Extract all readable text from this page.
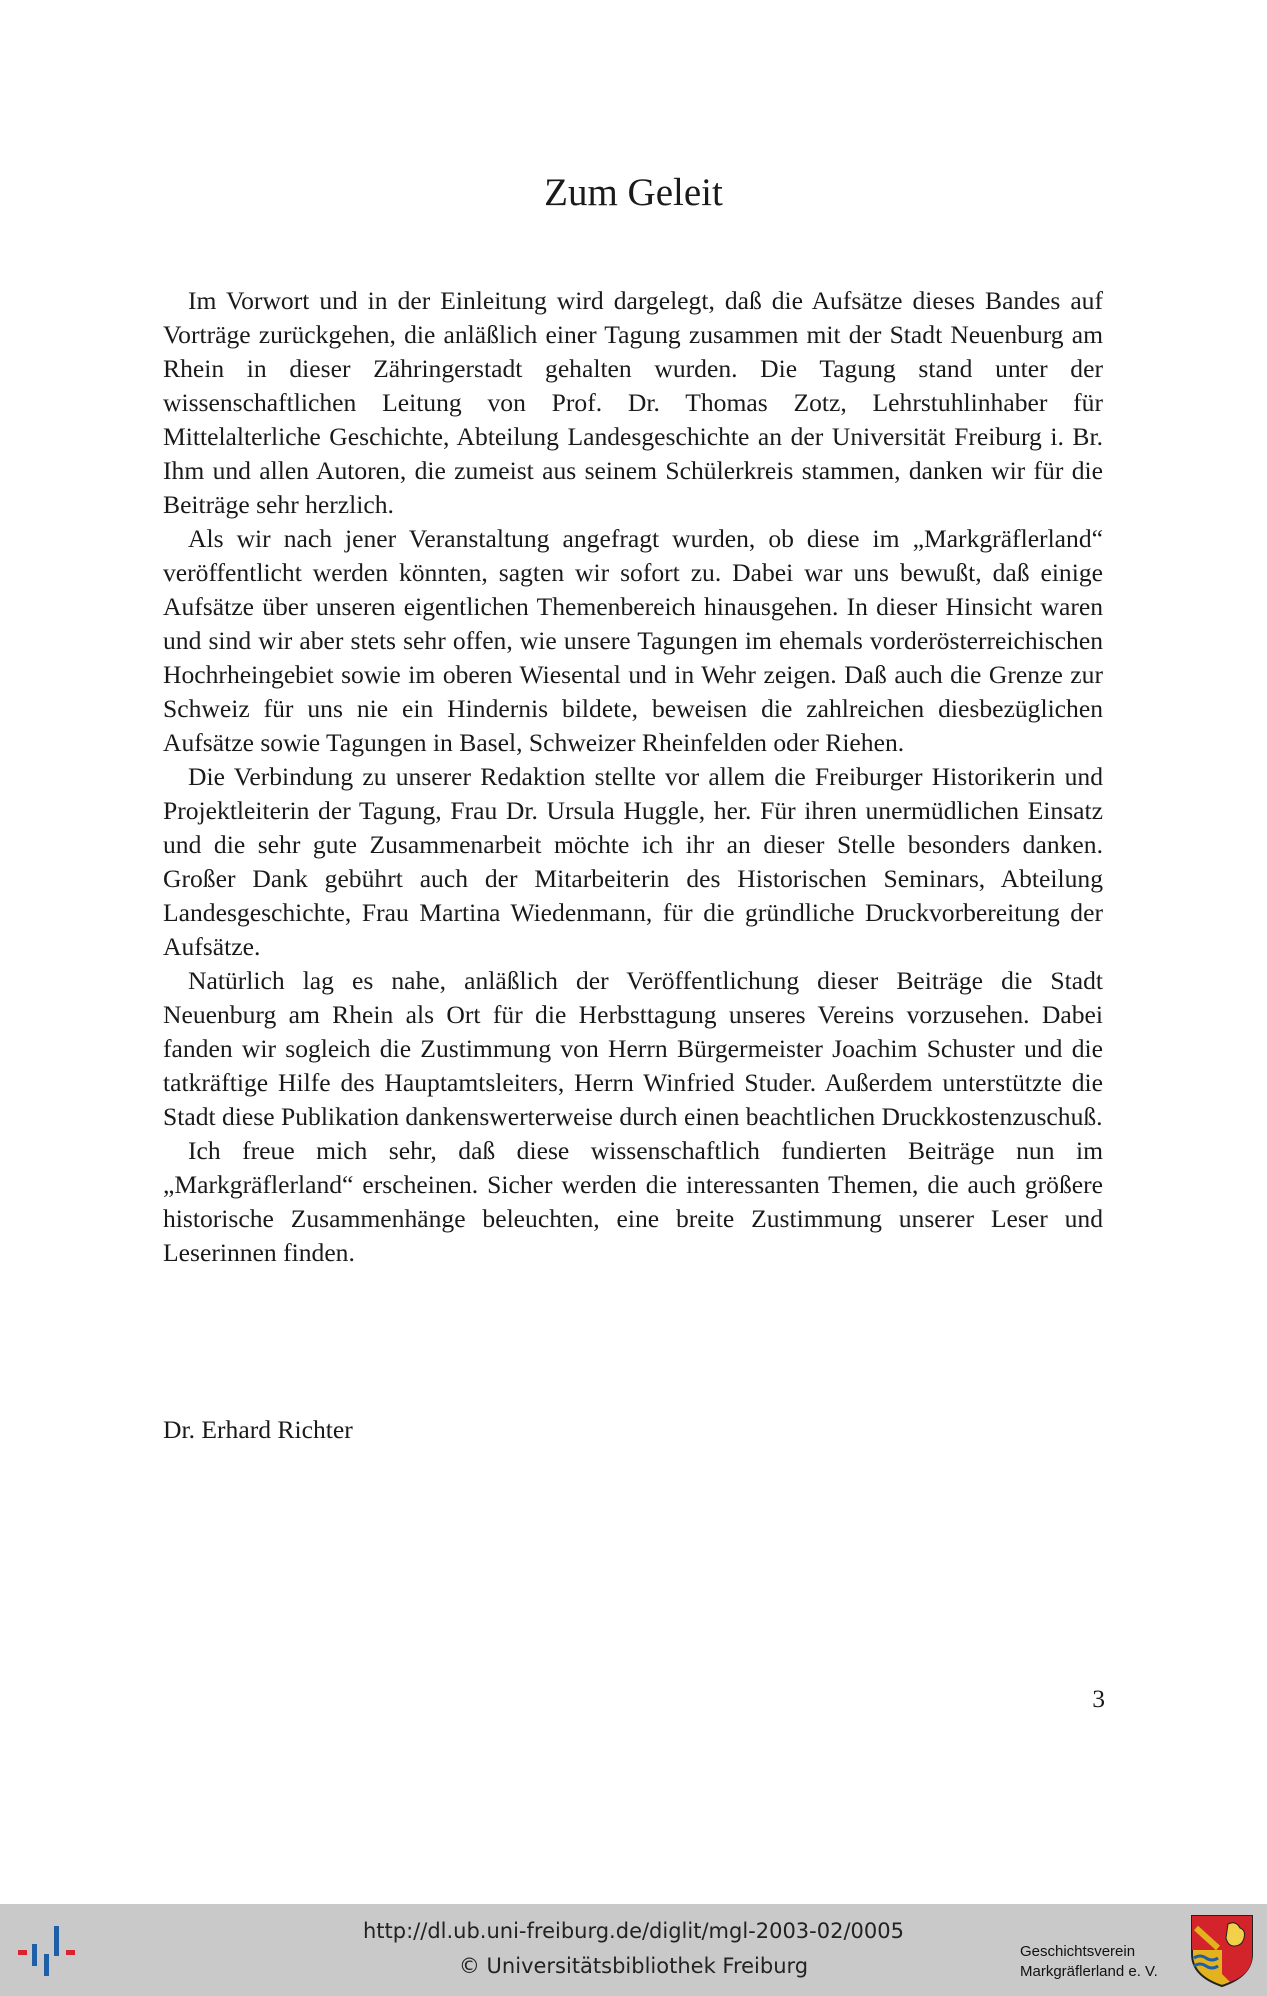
Zum Geleit

Im Vorwort und in der Einleitung wird dargelegt, daß die Aufsätze dieses Bandes auf Vorträge zurückgehen, die anläßlich einer Tagung zusammen mit der Stadt Neuenburg am Rhein in dieser Zähringerstadt gehalten wurden. Die Tagung stand unter der wissenschaftlichen Leitung von Prof. Dr. Thomas Zotz, Lehrstuhlinhaber für Mittelalterliche Geschichte, Abteilung Landesgeschichte an der Universität Freiburg i. Br. Ihm und allen Autoren, die zumeist aus seinem Schülerkreis stammen, danken wir für die Beiträge sehr herzlich.

Als wir nach jener Veranstaltung angefragt wurden, ob diese im „Markgräflerland“ veröffentlicht werden könnten, sagten wir sofort zu. Dabei war uns bewußt, daß einige Aufsätze über unseren eigentlichen Themenbereich hinausgehen. In dieser Hinsicht waren und sind wir aber stets sehr offen, wie unsere Tagungen im ehemals vorderösterreichischen Hochrheingebiet sowie im oberen Wiesental und in Wehr zeigen. Daß auch die Grenze zur Schweiz für uns nie ein Hindernis bildete, beweisen die zahlreichen diesbezüglichen Aufsätze sowie Tagungen in Basel, Schweizer Rheinfelden oder Riehen.

Die Verbindung zu unserer Redaktion stellte vor allem die Freiburger Historikerin und Projektleiterin der Tagung, Frau Dr. Ursula Huggle, her. Für ihren unermüdlichen Einsatz und die sehr gute Zusammenarbeit möchte ich ihr an dieser Stelle besonders danken. Großer Dank gebührt auch der Mitarbeiterin des Historischen Seminars, Abteilung Landesgeschichte, Frau Martina Wiedenmann, für die gründliche Druckvorbereitung der Aufsätze.

Natürlich lag es nahe, anläßlich der Veröffentlichung dieser Beiträge die Stadt Neuenburg am Rhein als Ort für die Herbsttagung unseres Vereins vorzusehen. Dabei fanden wir sogleich die Zustimmung von Herrn Bürgermeister Joachim Schuster und die tatkräftige Hilfe des Hauptamtsleiters, Herrn Winfried Studer. Außerdem unterstützte die Stadt diese Publikation dankenswerterweise durch einen beachtlichen Druckkostenzuschuß.

Ich freue mich sehr, daß diese wissenschaftlich fundierten Beiträge nun im „Markgräflerland“ erscheinen. Sicher werden die interessanten Themen, die auch größere historische Zusammenhänge beleuchten, eine breite Zustimmung unserer Leser und Leserinnen finden.

Dr. Erhard Richter

3

http://dl.ub.uni-freiburg.de/diglit/mgl-2003-02/0005

© Universitätsbibliothek Freiburg

Geschichtsverein
Markgräflerland e. V.
